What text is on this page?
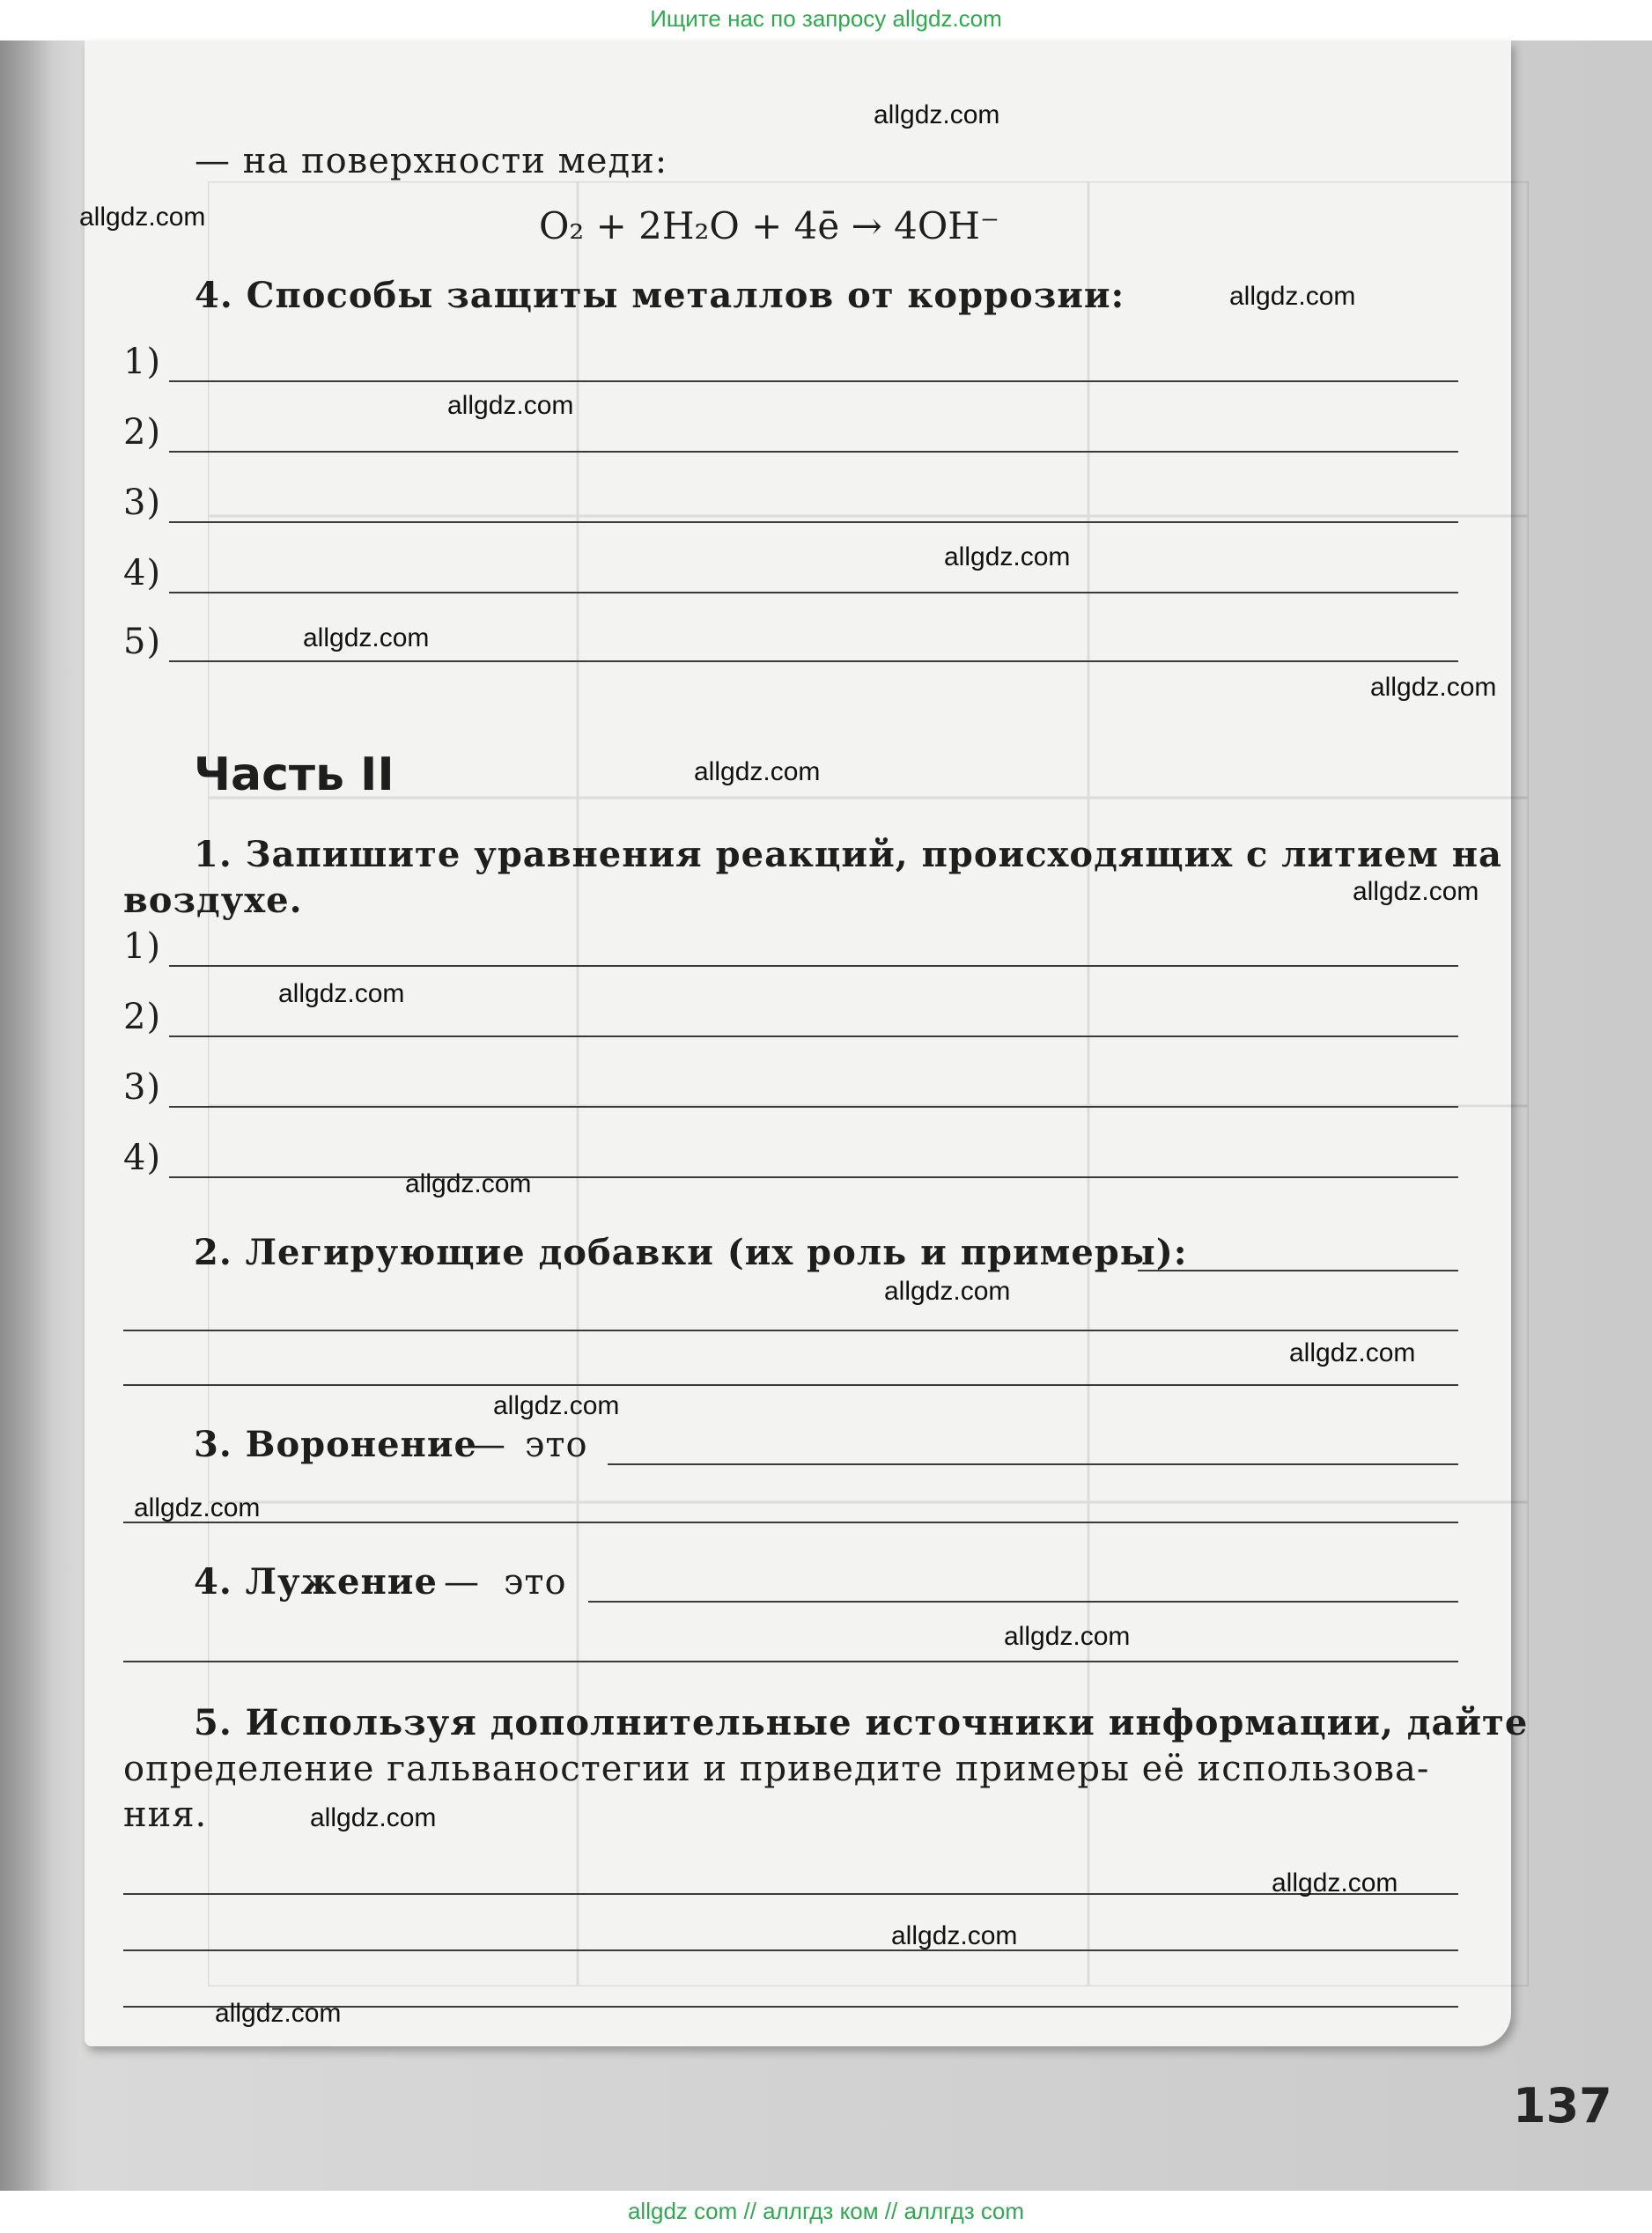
Ищите нас по запросу allgdz.com
— на поверхности меди:
O₂ + 2H₂O + 4ē → 4OH⁻
4. Способы защиты металлов от коррозии:
1)
2)
3)
4)
5)
Часть II
1. Запишите уравнения реакций, происходящих с литием на
воздухе.
1)
2)
3)
4)
2. Легирующие добавки (их роль и примеры):
3. Воронение
— это
4. Лужение — это
5. Используя дополнительные источники информации, дайте
определение гальваностегии и приведите примеры её использова-
ния.
137
allgdz.com
allgdz.com
allgdz.com
allgdz.com
allgdz.com
allgdz.com
allgdz.com
allgdz.com
allgdz.com
allgdz.com
allgdz.com
allgdz.com
allgdz.com
allgdz.com
allgdz.com
allgdz.com
allgdz.com
allgdz.com
allgdz.com
allgdz.com
allgdz com // аллгдз ком // аллгдз com
